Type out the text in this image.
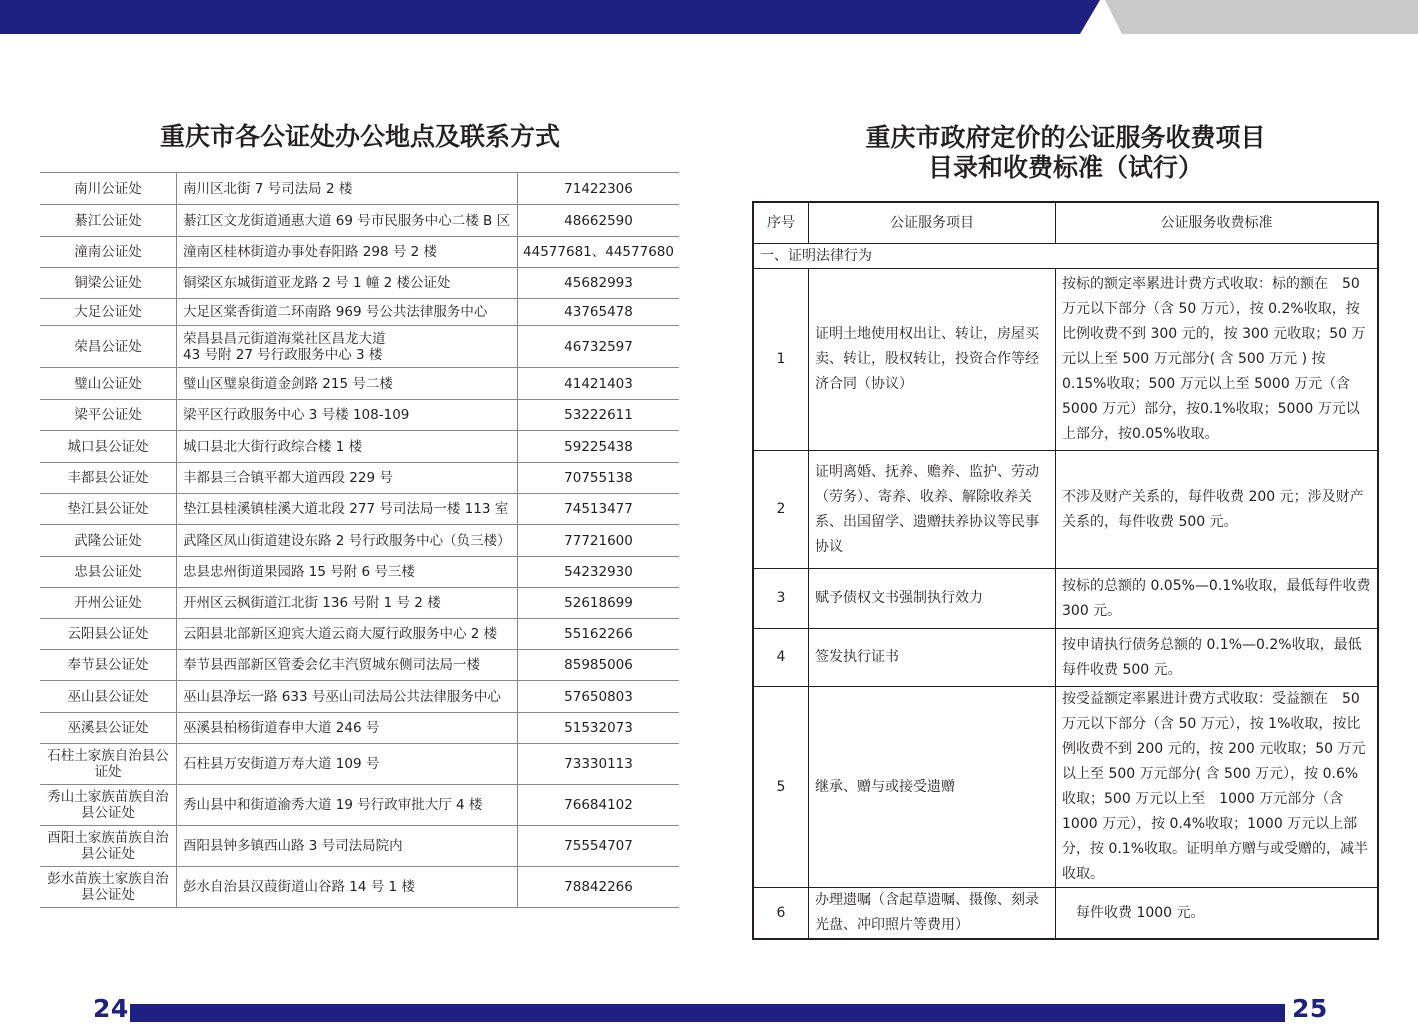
重庆市各公证处办公地点及联系方式
南川公证处	南川区北街 7 号司法局 2 楼	71422306
綦江公证处	綦江区文龙街道通惠大道 69 号市民服务中心二楼 B 区	48662590
潼南公证处	潼南区桂林街道办事处春阳路 298 号 2 楼	44577681、44577680
铜梁公证处	铜梁区东城街道亚龙路 2 号 1 幢 2 楼公证处	45682993
大足公证处	大足区棠香街道二环南路 969 号公共法律服务中心	43765478
荣昌公证处	荣昌县昌元街道海棠社区昌龙大道
43 号附 27 号行政服务中心 3 楼	46732597
璧山公证处	璧山区璧泉街道金剑路 215 号二楼	41421403
梁平公证处	梁平区行政服务中心 3 号楼 108-109	53222611
城口县公证处	城口县北大街行政综合楼 1 楼	59225438
丰都县公证处	丰都县三合镇平都大道西段 229 号	70755138
垫江县公证处	垫江县桂溪镇桂溪大道北段 277 号司法局一楼 113 室	74513477
武隆公证处	武隆区凤山街道建设东路 2 号行政服务中心（负三楼）	77721600
忠县公证处	忠县忠州街道果园路 15 号附 6 号三楼	54232930
开州公证处	开州区云枫街道江北街 136 号附 1 号 2 楼	52618699
云阳县公证处	云阳县北部新区迎宾大道云商大厦行政服务中心 2 楼	55162266
奉节县公证处	奉节县西部新区管委会亿丰汽贸城东侧司法局一楼	85985006
巫山县公证处	巫山县净坛一路 633 号巫山司法局公共法律服务中心	57650803
巫溪县公证处	巫溪县柏杨街道春申大道 246 号	51532073
石柱土家族自治县公
证处	石柱县万安街道万寿大道 109 号	73330113
秀山土家族苗族自治
县公证处	秀山县中和街道渝秀大道 19 号行政审批大厅 4 楼	76684102
酉阳土家族苗族自治
县公证处	酉阳县钟多镇西山路 3 号司法局院内	75554707
彭水苗族土家族自治
县公证处	彭水自治县汉葭街道山谷路 14 号 1 楼	78842266
重庆市政府定价的公证服务收费项目
目录和收费标准（试行）
序号	公证服务项目	公证服务收费标准
一、证明法律行为		
1	证明土地使用权出让、转让，房屋买卖、转让，股权转让，投资合作等经济合同（协议）	按标的额定率累进计费方式收取：标的额在　50万元以下部分（含 50 万元），按 0.2%收取，按比例收费不到 300 元的，按 300 元收取；50 万元以上至 500 万元部分( 含 500 万元 ) 按 0.15%收取；500 万元以上至 5000 万元（含 5000 万元）部分，按0.1%收取；5000 万元以上部分，按0.05%收取。
2	证明离婚、抚养、赡养、监护、劳动（劳务）、寄养、收养、解除收养关系、出国留学、遗赠扶养协议等民事协议	不涉及财产关系的，每件收费 200 元；涉及财产关系的，每件收费 500 元。
3	赋予债权文书强制执行效力	按标的总额的 0.05%—0.1%收取，最低每件收费 300 元。
4	签发执行证书	按申请执行债务总额的 0.1%—0.2%收取，最低每件收费 500 元。
5	继承、赠与或接受遗赠	按受益额定率累进计费方式收取：受益额在　50万元以下部分（含 50 万元），按 1%收取，按比例收费不到 200 元的，按 200 元收取；50 万元以上至 500 万元部分( 含 500 万元），按 0.6%收取；500 万元以上至　1000 万元部分（含 1000 万元），按 0.4%收取；1000 万元以上部分，按 0.1%收取。证明单方赠与或受赠的，减半收取。
6	办理遗嘱（含起草遗嘱、摄像、刻录光盘、冲印照片等费用）	　每件收费 1000 元。
24	25
